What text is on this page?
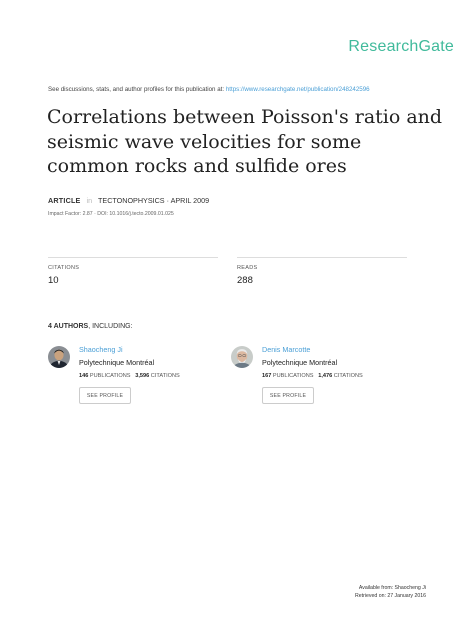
ResearchGate
See discussions, stats, and author profiles for this publication at: https://www.researchgate.net/publication/248242596
Correlations between Poisson's ratio and seismic wave velocities for some common rocks and sulfide ores
ARTICLE in TECTONOPHYSICS · APRIL 2009
Impact Factor: 2.87 · DOI: 10.1016/j.tecto.2009.01.025
CITATIONS
10
READS
288
4 AUTHORS, INCLUDING:
Shaocheng Ji
Polytechnique Montréal
146 PUBLICATIONS 3,596 CITATIONS
SEE PROFILE
Denis Marcotte
Polytechnique Montréal
167 PUBLICATIONS 1,476 CITATIONS
SEE PROFILE
Available from: Shaocheng Ji
Retrieved on: 27 January 2016
